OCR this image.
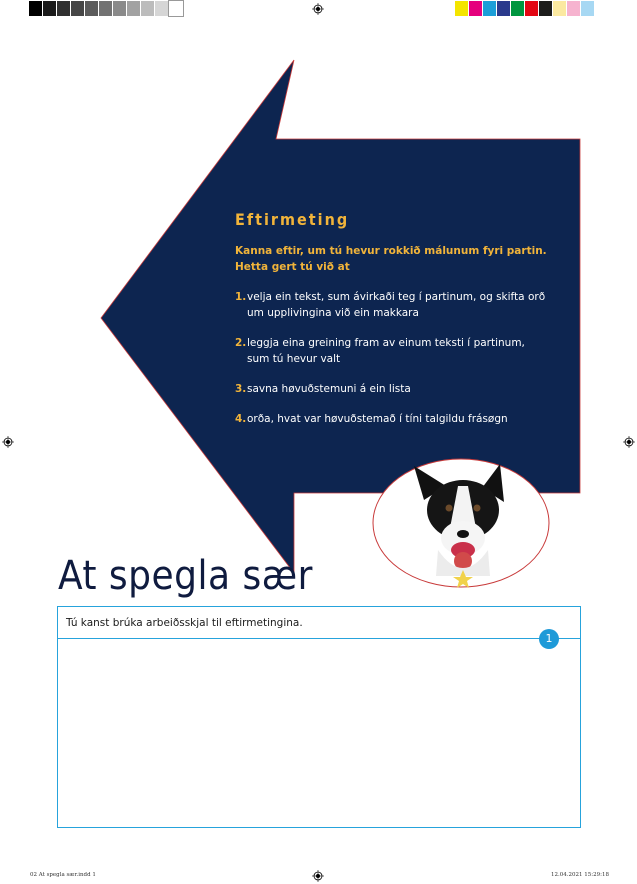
Eftirmeting
Kanna eftir, um tú hevur rokkið málunum fyri partin.
Hetta gert tú við at
1. velja ein tekst, sum ávirkaði teg í partinum, og skifta orð um upplivingina við ein makkara
2. leggja eina greining fram av einum teksti í partinum, sum tú hevur valt
3. savna høvuðstemuni á ein lista
4. orða, hvat var høvuðstemað í tíni talgildu frásøgn
At spegla sær
Tú kanst brúka arbeiðsskjal til eftirmetingina.
1
02 At spegla sær.indd 1	12.04.2021 15:29:18
